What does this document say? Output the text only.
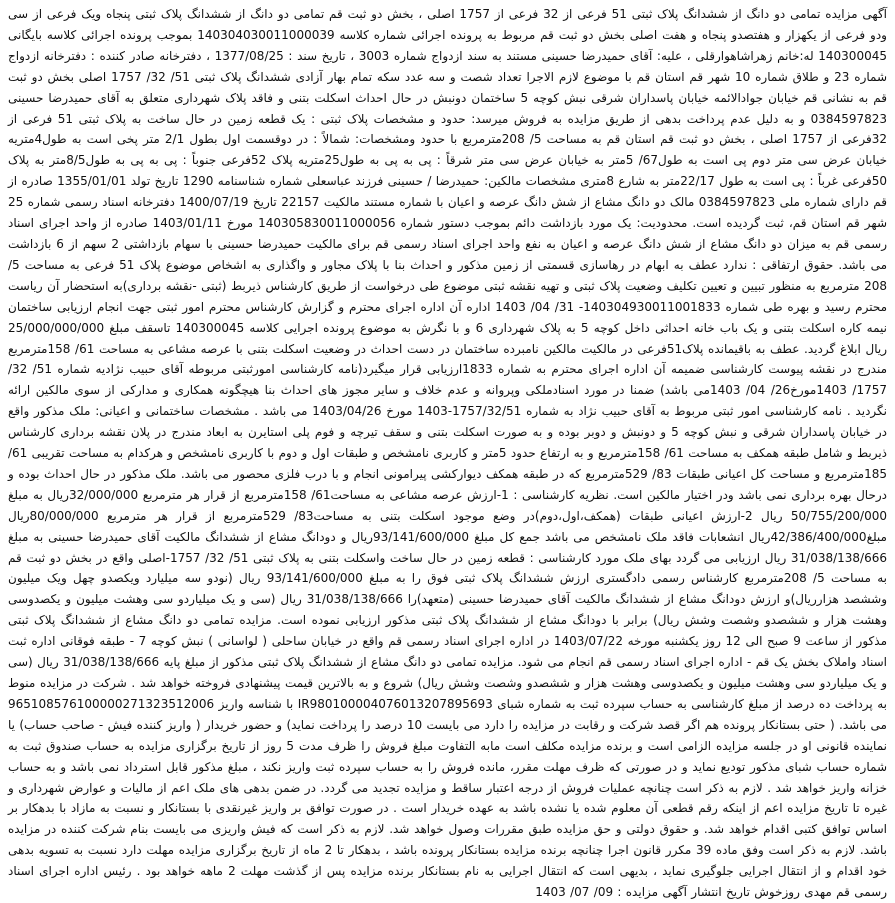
آگهی مزایده تمامی دو دانگ از ششدانگ پلاک ثبتی 51 فرعی از 32 فرعی از 1757 اصلی ، بخش دو ثبت قم تمامی دو دانگ از ششدانگ پلاک ثبتی پنجاه ویک فرعی از سی ودو فرعی از یکهزار و هفتصدو پنجاه و هفت اصلی بخش دو ثبت قم مربوط به پرونده اجرائی شماره کلاسه 140304030011000039 بموجب پرونده اجرائی کلاسه بایگانی 140300045 له:خانم زهراشاهوارقلی ، علیه: آقای حمیدرضا حسینی مستند به سند ازدواج شماره 3003 ، تاریخ سند : 1377/08/25 ، دفترخانه صادر کننده : دفترخانه ازدواج شماره 23 و طلاق شماره 10 شهر قم استان قم با موضوع لازم الاجرا تعداد شصت و سه عدد سکه تمام بهار آزادی ششدانگ پلاک ثبتی 51/ 32/ 1757 اصلی بخش دو ثبت قم به نشانی قم خیابان جوادالائمه خیابان پاسداران شرقی نبش کوچه 5 ساختمان دونبش در حال احداث اسکلت بتنی و فاقد پلاک شهرداری متعلق به آقای حمیدرضا حسینی 0384597823 و به دلیل عدم پرداخت بدهی از طریق مزایده به فروش میرسد: حدود و مشخصات پلاک ثبتی : یک قطعه زمین در حال ساخت به پلاک ثبتی 51 فرعی از 32فرعی از 1757 اصلی ، بخش دو ثبت قم استان قم به مساحت 5/ 208مترمربع با حدود ومشخصات: شمالاً : در دوقسمت اول بطول 2/1 متر پخی است به طول4متریه خیابان عرض سی متر دوم پی است به طول67/ 5متر به خیابان عرض سی متر شرقاً : پی به پی به طول25متریه پلاک 52فرعی جنوباً : پی به پی به طول8/5متر به پلاک 50فرعی غرباً : پی است به طول 22/17متر به شارع 8متری مشخصات مالکین: حمیدرضا / حسینی فرزند عباسعلی شماره شناسنامه 1290 تاریخ تولد 1355/01/01 صادره از قم دارای شماره ملی 0384597823 مالک دو دانگ مشاع از شش دانگ عرصه و اعیان با شماره مستند مالکیت 22157 تاریخ 1400/07/19 دفترخانه اسناد رسمی شماره 25 شهر قم استان قم، ثبت گردیده است. محدودیت: یک مورد بازداشت دائم بموجب دستور شماره 140305830011000056 مورخ 1403/01/11 صادره از واحد اجرای اسناد رسمی قم به میزان دو دانگ مشاع از شش دانگ عرصه و اعیان به نفع واحد اجرای اسناد رسمی قم برای مالکیت حمیدرضا حسینی با سهام بازداشتی 2 سهم از 6 بازداشت می باشد. حقوق ارتفاقی : ندارد عطف به ابهام در رهاسازی قسمتی از زمین مذکور و احداث بنا با پلاک مجاور و واگذاری به اشخاص موضوع پلاک 51 فرعی به مساحت 5/ 208 مترمربع به منظور تبیین و تعیین تکلیف وضعیت پلاک ثبتی و تهیه نقشه ثبتی موضوع طی درخواست از طریق کارشناس ذیربط (ثبتی -نقشه برداری)به استحضار آن ریاست محترم رسید و بهره طی شماره 140304930011001833- 31/ 04/ 1403 اداره آن اداره اجرای محترم و گزارش کارشناس محترم امور ثبتی جهت انجام ارزیابی ساختمان نیمه کاره اسکلت بتنی و یک باب خانه احداثی داخل کوچه 5 به پلاک شهرداری 6 و با نگرش به موضوع پرونده اجرایی کلاسه 140300045 تاسقف مبلغ 25/000/000/000 ریال ابلاغ گردید. عطف به باقیمانده پلاک51فرعی در مالکیت مالکین نامبرده ساختمان در دست احداث در وضعیت اسکلت بتنی با عرصه مشاعی به مساحت 61/ 158مترمربع مندرج در نقشه پیوست کارشناسی ضمیمه آن اداره اجرای محترم به شماره 1833ارزیابی قرار میگیرد(نامه کارشناسی امورثبتی مربوطه آقای حبیب نژادیه شماره 51/ 32/ 1757/ 1403مورخ26/ 04/ 1403می باشد) ضمنا در مورد اسنادملکی وپروانه و عدم خلاف و سایر مجوز های احداث بنا هیچگونه همکاری و مدارکی از سوی مالکین ارائه نگردید . نامه کارشناسی امور ثبتی مربوط به آقای حبیب نژاد به شماره 1757/32/51-1403 مورخ 1403/04/26 می باشد . مشخصات ساختمانی و اعیانی: ملک مذکور واقع در خیابان پاسداران شرقی و نبش کوچه 5 و دونبش و دوبر بوده و به صورت اسکلت بتنی و سقف تیرچه و فوم پلی استایرن به ابعاد مندرج در پلان نقشه برداری کارشناس ذیربط و شامل طبقه همکف به مساحت 61/ 158مترمربع و به ارتفاع حدود 5متر و کاربری نامشخص و طبقات اول و دوم با کاربری نامشخص و هرکدام به مساحت تقریبی 61/ 185مترمربع و مساحت کل اعیانی طبقات 83/ 529مترمربع که در طبقه همکف دیوارکشی پیرامونی انجام و با درب فلزی محصور می باشد. ملک مذکور در حال احداث بوده و درحال بهره برداری نمی باشد ودر اختیار مالکین است. نظریه کارشناسی : 1-ارزش عرصه مشاعی به مساحت61/ 158مترمربع از قرار هر مترمربع 32/000/000ریال به مبلغ 50/755/200/000 ریال 2-ارزش اعیانی طبقات (همکف،اول،دوم)در وضع موجود اسکلت بتنی به مساحت83/ 529مترمربع از قرار هر مترمربع 80/000/000ریال مبلغ42/386/400/000ریال انشعابات فاقد ملک نامشخص می باشد جمع کل مبلغ 93/141/600/000ریال و دودانگ مشاع از ششدانگ مالکیت آقای حمیدرضا حسینی به مبلغ 31/038/138/666 ریال ارزیابی می گردد بهای ملک مورد کارشناسی : قطعه زمین در حال ساخت واسکلت بتنی به پلاک ثبتی 51/ 32/ 1757-اصلی واقع در بخش دو ثبت قم به مساحت 5/ 208مترمربع کارشناس رسمی دادگستری ارزش ششدانگ پلاک ثبتی فوق را به مبلغ 93/141/600/000 ریال (نودو سه میلیارد ویکصدو چهل ویک میلیون وششصد هزارریال)و ارزش دودانگ مشاع از ششدانگ مالکیت آقای حمیدرضا حسینی (متعهد)را 31/038/138/666 ریال (سی و یک میلیاردو سی وهشت میلیون و یکصدوسی وهشت هزار و ششصدو وشصت وشش ریال) برابر با دودانگ مشاع از ششدانگ پلاک ثبتی مذکور ارزیابی نموده است. مزایده تمامی دو دانگ مشاع از ششدانگ پلاک ثبتی مذکور از ساعت 9 صبح الی 12 روز یکشنبه مورخه 1403/07/22 در اداره اجرای اسناد رسمی قم واقع در خیابان ساحلی ( لواسانی ) نبش کوچه 7 - طبقه فوقانی اداره ثبت اسناد واملاک بخش یک قم - اداره اجرای اسناد رسمی قم انجام می شود. مزایده تمامی دو دانگ مشاع از ششدانگ پلاک ثبتی مذکور از مبلغ پایه 31/038/138/666 ریال (سی و یک میلیاردو سی وهشت میلیون و یکصدوسی وهشت هزار و ششصدو وشصت وشش ریال) شروع و به بالاترین قیمت پیشنهادی فروخته خواهد شد . شرکت در مزایده منوط به پرداخت ده درصد از مبلغ کارشناسی به حساب سپرده ثبت به شماره شبای IR980100004076013207895693 با شناسه واریز 965108576100000271323512006 می باشد. ( حتی بستانکار پرونده هم اگر قصد شرکت و رقابت در مزایده را دارد می بایست 10 درصد را پرداخت نماید) و حضور خریدار ( واریز کننده فیش - صاحب حساب) یا نماینده قانونی او در جلسه مزایده الزامی است و برنده مزایده مکلف است مابه التفاوت مبلغ فروش را ظرف مدت 5 روز از تاریخ برگزاری مزایده به حساب صندوق ثبت به شماره حساب شبای مذکور تودیع نماید و در صورتی که ظرف مهلت مقرر، مانده فروش را به حساب سپرده ثبت واریز نکند ، مبلغ مذکور قابل استرداد نمی باشد و به حساب خزانه واریز خواهد شد . لازم به ذکر است چنانچه عملیات فروش از درجه اعتبار ساقط و مزایده تجدید می گردد. در ضمن بدهی های ملک اعم از مالیات و عوارض شهرداری و غیره تا تاریخ مزایده اعم از اینکه رقم قطعی آن معلوم شده یا نشده باشد به عهده خریدار است . در صورت توافق بر واریز غیرنقدی با بستانکار و نسبت به مازاد با بدهکار بر اساس توافق کتبی اقدام خواهد شد. و حقوق دولتی و حق مزایده طبق مقررات وصول خواهد شد. لازم به ذکر است که فیش واریزی می بایست بنام شرکت کننده در مزایده باشد. لازم به ذکر است وفق ماده 39 مکرر قانون اجرا چنانچه برنده مزایده بستانکار پرونده باشد ، بدهکار تا 2 ماه از تاریخ برگزاری مزایده مهلت دارد نسبت به تسویه بدهی خود اقدام و از انتقال اجرایی جلوگیری نماید ، بدیهی است که انتقال اجرایی به نام بستانکار برنده مزایده پس از گذشت مهلت 2 ماهه خواهد بود . رئیس اداره اجرای اسناد رسمی قم مهدی روزخوش تاریخ انتشار آگهی مزایده : 09/ 07/ 1403
